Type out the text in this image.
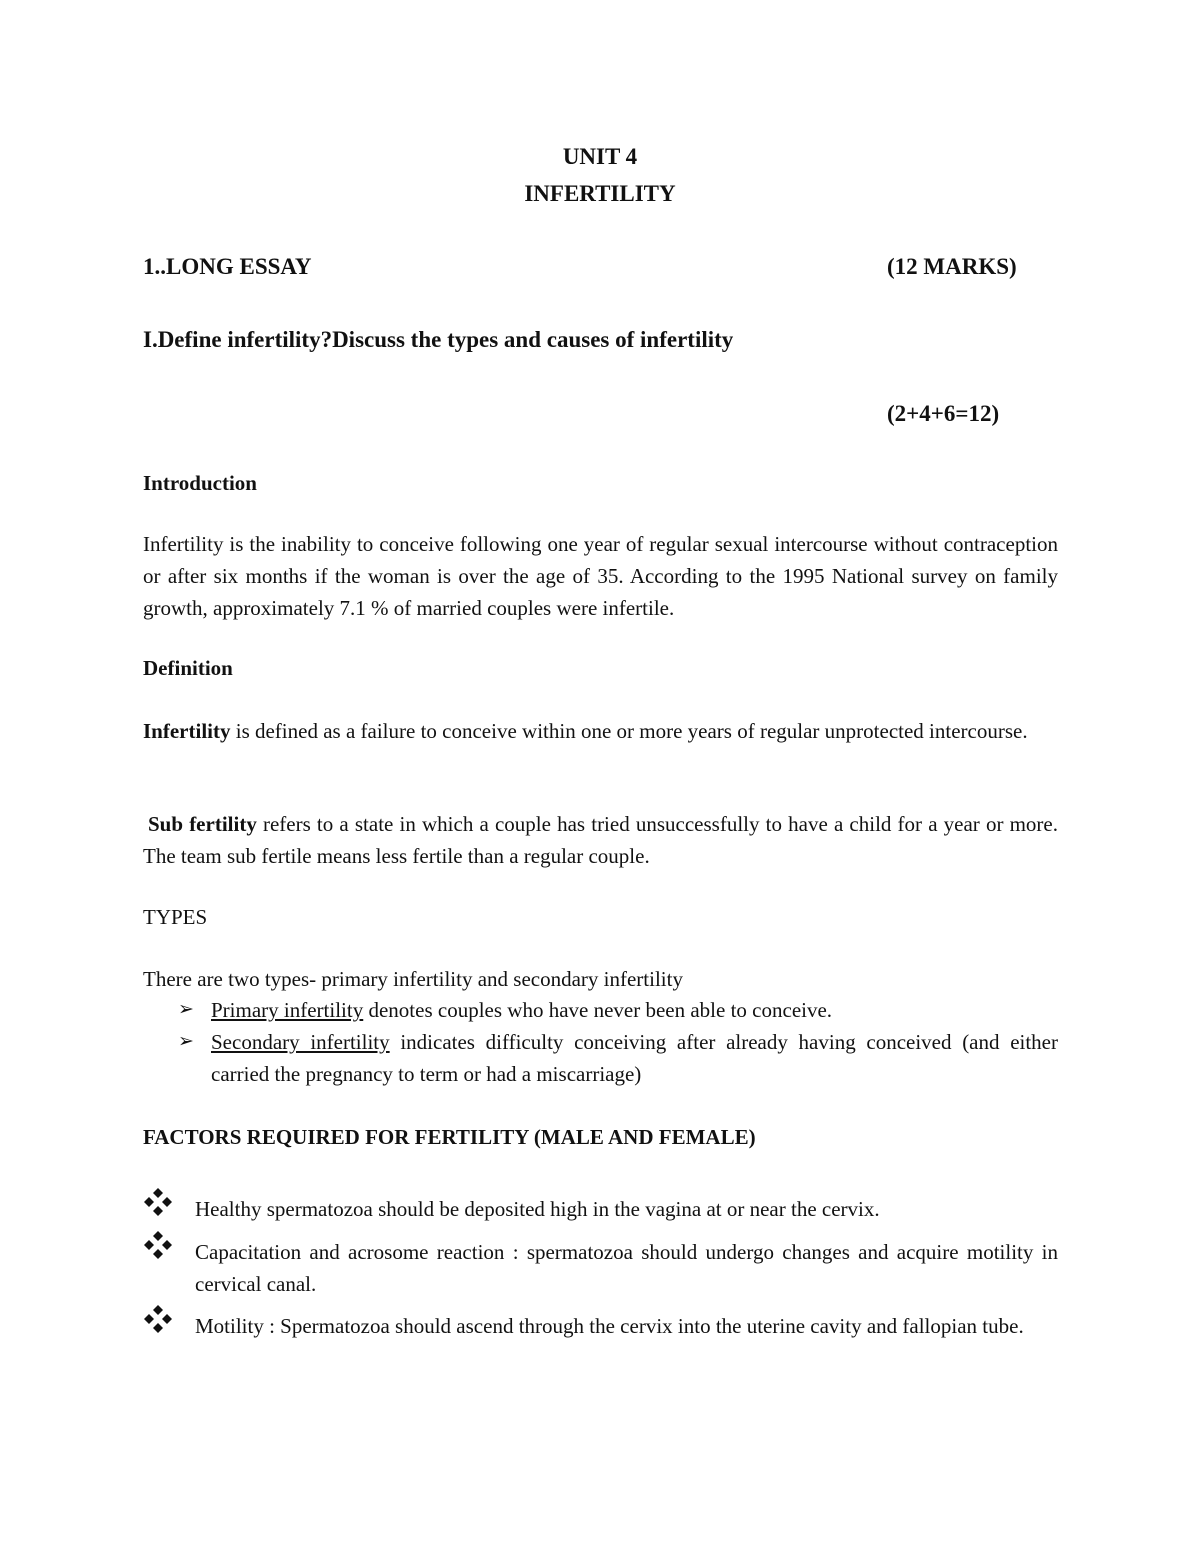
UNIT 4
INFERTILITY
1..LONG ESSAY	(12 MARKS)
I.Define infertility?Discuss the types and causes of infertility
(2+4+6=12)
Introduction
Infertility is the inability to conceive following one year of regular sexual intercourse without contraception or after six months if the woman is over the age of 35. According to the 1995 National survey on family growth, approximately 7.1 % of married couples were infertile.
Definition
Infertility is defined as a failure to conceive within one or more years of regular unprotected intercourse.
Sub fertility refers to a state in which a couple has tried unsuccessfully to have a child for a year or more. The team sub fertile means less fertile than a regular couple.
TYPES
There are two types- primary infertility and secondary infertility
➢ Primary infertility denotes couples who have never been able to conceive.
➢ Secondary infertility indicates difficulty conceiving after already having conceived (and either carried the pregnancy to term or had a miscarriage)
FACTORS REQUIRED FOR FERTILITY (MALE AND FEMALE)
Healthy spermatozoa should be deposited high in the vagina at or near the cervix.
Capacitation and acrosome reaction : spermatozoa should undergo changes and acquire motility in cervical canal.
Motility : Spermatozoa should ascend through the cervix into the uterine cavity and fallopian tube.
